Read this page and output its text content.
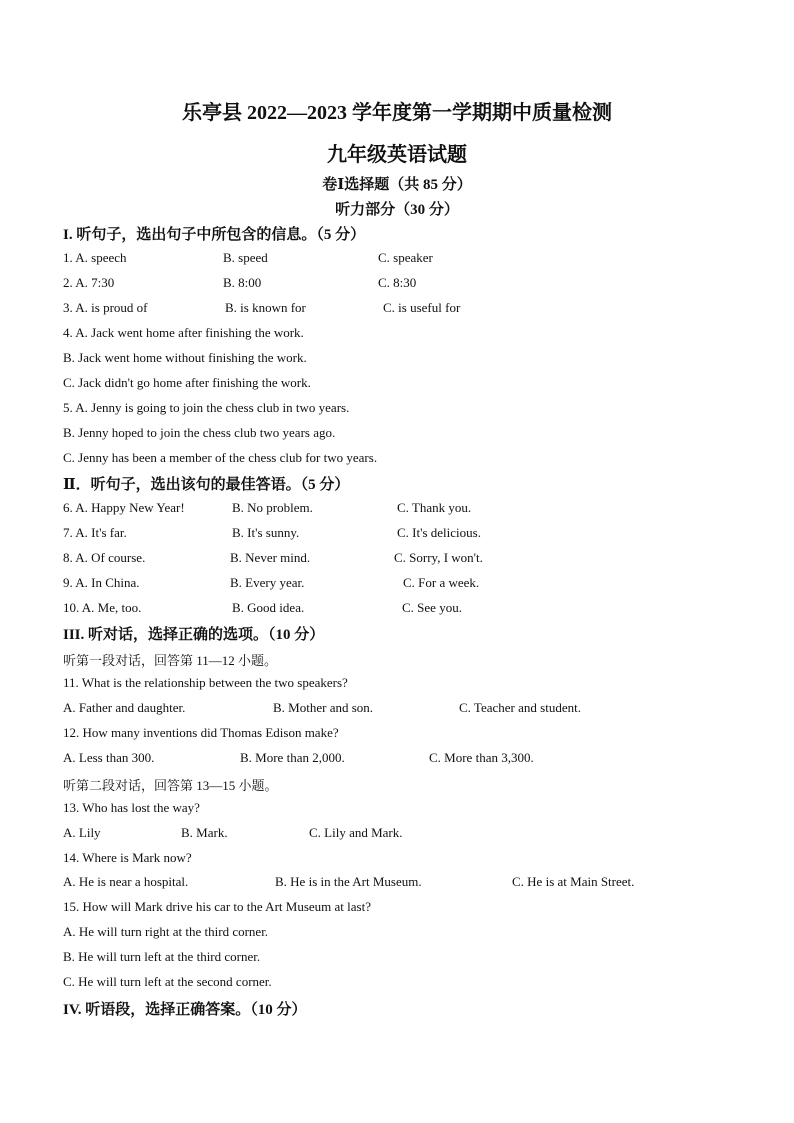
乐亭县 2022—2023 学年度第一学期期中质量检测
九年级英语试题
卷Ⅰ选择题（共 85 分）
听力部分（30 分）
I. 听句子，选出句子中所包含的信息。（5 分）
1. A. speech	B. speed	C. speaker
2. A. 7:30	B. 8:00	C. 8:30
3. A. is proud of	B. is known for	C. is useful for
4. A. Jack went home after finishing the work.
B. Jack went home without finishing the work.
C. Jack didn't go home after finishing the work.
5. A. Jenny is going to join the chess club in two years.
B. Jenny hoped to join the chess club two years ago.
C. Jenny has been a member of the chess club for two years.
Ⅱ．听句子，选出该句的最佳答语。（5 分）
6. A. Happy New Year!	B. No problem.	C. Thank you.
7. A. It's far.	B. It's sunny.	C. It's delicious.
8. A. Of course.	B. Never mind.	C. Sorry, I won't.
9. A. In China.	B. Every year.	C. For a week.
10. A. Me, too.	B. Good idea.	C. See you.
III. 听对话，选择正确的选项。（10 分）
听第一段对话，回答第 11—12 小题。
11. What is the relationship between the two speakers?
A. Father and daughter.	B. Mother and son.	C. Teacher and student.
12. How many inventions did Thomas Edison make?
A. Less than 300.	B. More than 2,000.	C. More than 3,300.
听第二段对话，回答第 13—15 小题。
13. Who has lost the way?
A. Lily	B. Mark.	C. Lily and Mark.
14. Where is Mark now?
A. He is near a hospital.	B. He is in the Art Museum.	C. He is at Main Street.
15. How will Mark drive his car to the Art Museum at last?
A. He will turn right at the third corner.
B. He will turn left at the third corner.
C. He will turn left at the second corner.
IV. 听语段，选择正确答案。（10 分）
